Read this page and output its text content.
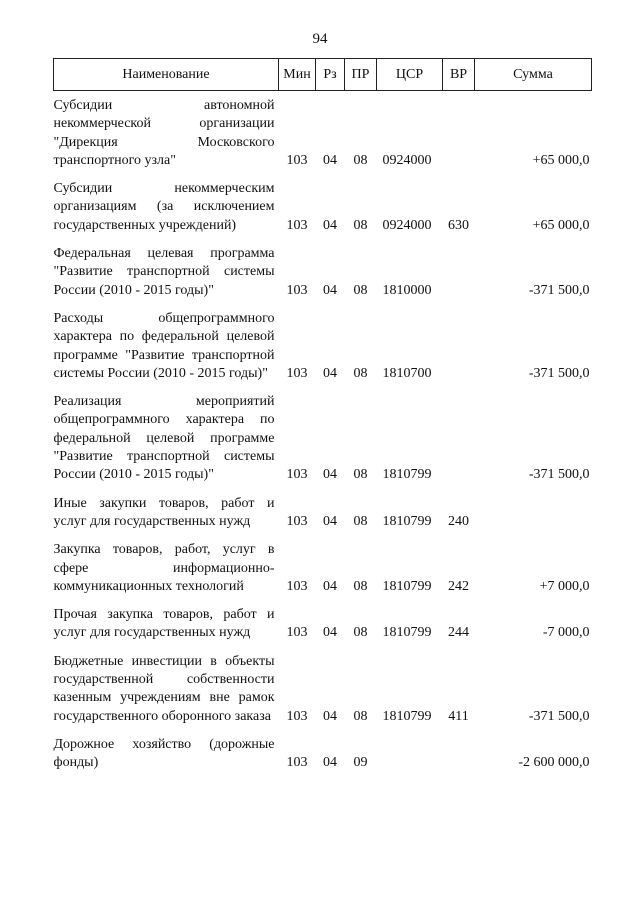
94
Наименование	Мин	Рз	ПР	ЦСР	ВР	Сумма
Субсидии автономной некоммерческой организации "Дирекция Московского транспортного узла"	103	04	08	0924000		+65 000,0
Субсидии некоммерческим организациям (за исключением государственных учреждений)	103	04	08	0924000	630	+65 000,0
Федеральная целевая программа "Развитие транспортной системы России (2010 - 2015 годы)"	103	04	08	1810000		-371 500,0
Расходы общепрограммного характера по федеральной целевой программе "Развитие транспортной системы России (2010 - 2015 годы)"	103	04	08	1810700		-371 500,0
Реализация мероприятий общепрограммного характера по федеральной целевой программе "Развитие транспортной системы России (2010 - 2015 годы)"	103	04	08	1810799		-371 500,0
Иные закупки товаров, работ и услуг для государственных нужд	103	04	08	1810799	240	
Закупка товаров, работ, услуг в сфере информационно-коммуникационных технологий	103	04	08	1810799	242	+7 000,0
Прочая закупка товаров, работ и услуг для государственных нужд	103	04	08	1810799	244	-7 000,0
Бюджетные инвестиции в объекты государственной собственности казенным учреждениям вне рамок государственного оборонного заказа	103	04	08	1810799	411	-371 500,0
Дорожное хозяйство (дорожные фонды)	103	04	09			-2 600 000,0
